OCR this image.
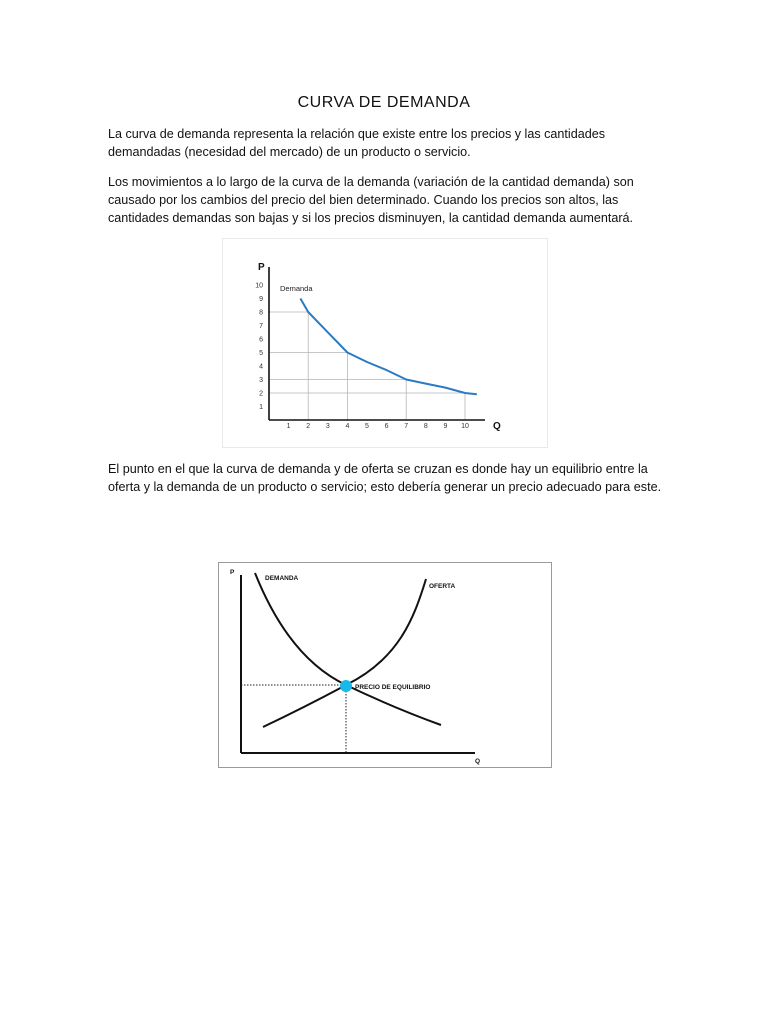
CURVA DE DEMANDA

La curva de demanda representa la relación que existe entre los precios y las cantidades demandadas (necesidad del mercado) de un producto o servicio.

Los movimientos a lo largo de la curva de la demanda (variación de la cantidad demanda) son causado por los cambios del precio del bien determinado. Cuando los precios son altos, las cantidades demandas son bajas y si los precios disminuyen, la cantidad demanda aumentará.

1 2 3 4 5 6 7 8 9 10
1
2
3
4
5
6
7
8
9
10
P
Q
Demanda

El punto en el que la curva de demanda y de oferta se cruzan es donde hay un equilibrio entre la oferta y la demanda de un producto o servicio; esto debería generar un precio adecuado para este.

P
Q
DEMANDA
OFERTA
PRECIO DE EQUILIBRIO
